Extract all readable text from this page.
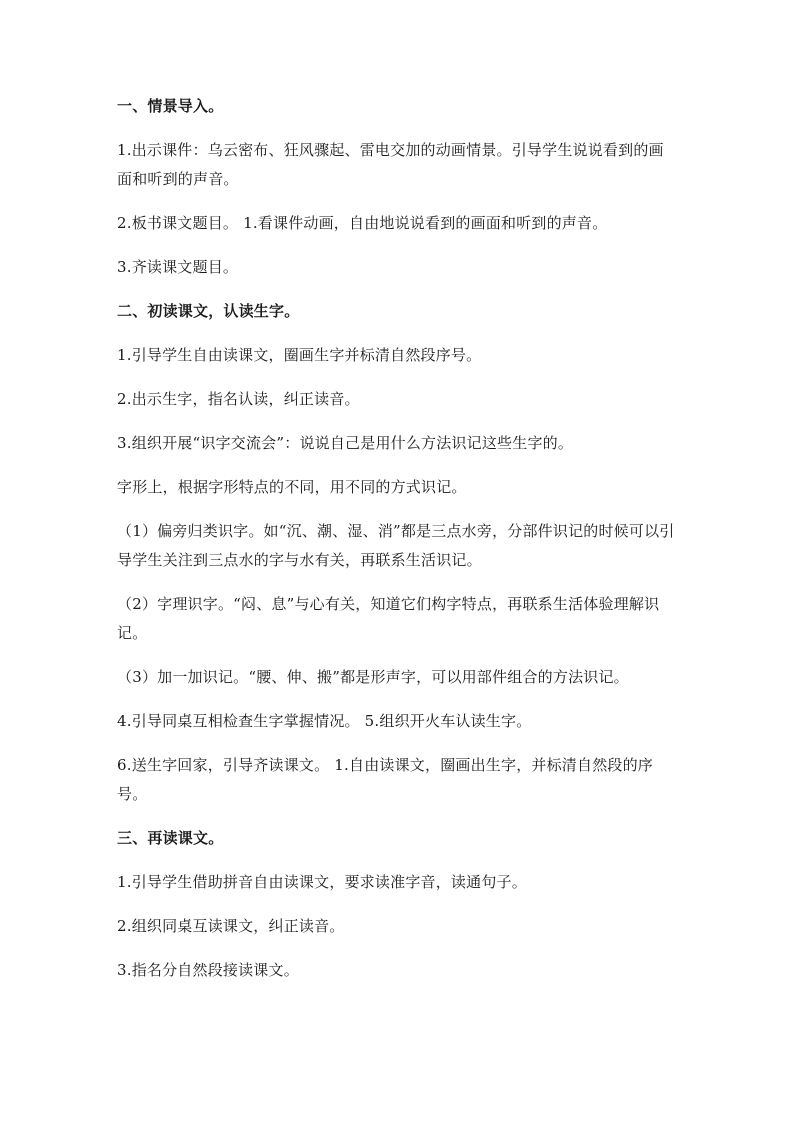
一、情景导入。

1.出示课件：乌云密布、狂风骤起、雷电交加的动画情景。引导学生说说看到的画面和听到的声音。

2.板书课文题目。 1.看课件动画，自由地说说看到的画面和听到的声音。

3.齐读课文题目。

二、初读课文，认读生字。

1.引导学生自由读课文，圈画生字并标清自然段序号。

2.出示生字，指名认读，纠正读音。

3.组织开展“识字交流会”：说说自己是用什么方法识记这些生字的。

字形上，根据字形特点的不同，用不同的方式识记。

（1）偏旁归类识字。如“沉、潮、湿、消”都是三点水旁，分部件识记的时候可以引导学生关注到三点水的字与水有关，再联系生活识记。

（2）字理识字。“闷、息”与心有关，知道它们构字特点，再联系生活体验理解识记。

（3）加一加识记。“腰、伸、搬”都是形声字，可以用部件组合的方法识记。

4.引导同桌互相检查生字掌握情况。 5.组织开火车认读生字。

6.送生字回家，引导齐读课文。 1.自由读课文，圈画出生字，并标清自然段的序号。

三、再读课文。

1.引导学生借助拼音自由读课文，要求读准字音，读通句子。

2.组织同桌互读课文，纠正读音。

3.指名分自然段接读课文。
